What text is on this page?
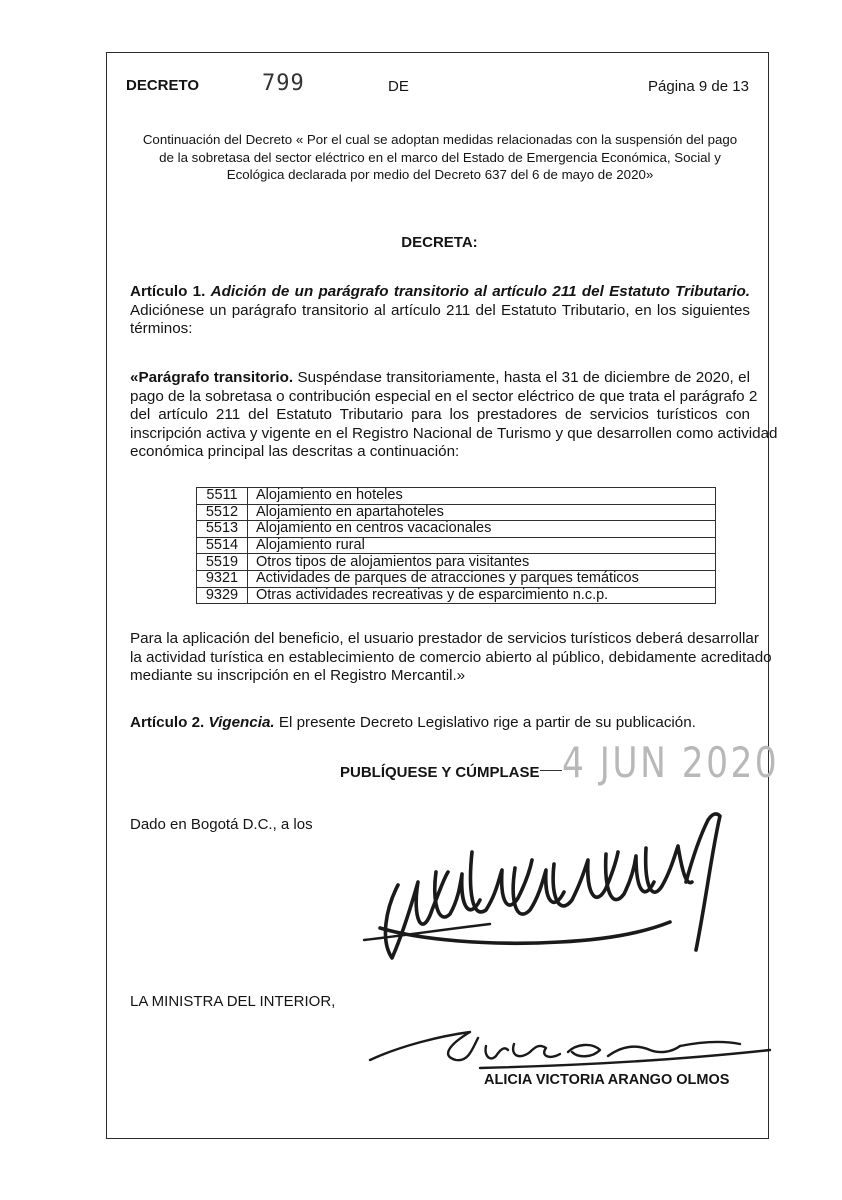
DECRETO	799	DE	Página 9 de 13
Continuación del Decreto « Por el cual se adoptan medidas relacionadas con la suspensión del pago
de la sobretasa del sector eléctrico en el marco del Estado de Emergencia Económica, Social y
Ecológica declarada por medio del Decreto 637 del 6 de mayo de 2020»
DECRETA:
Artículo 1. Adición de un parágrafo transitorio al artículo 211 del Estatuto Tributario.
Adiciónese un parágrafo transitorio al artículo 211 del Estatuto Tributario, en los siguientes
términos:
«Parágrafo transitorio. Suspéndase transitoriamente, hasta el 31 de diciembre de 2020, el
pago de la sobretasa o contribución especial en el sector eléctrico de que trata el parágrafo 2
del artículo 211 del Estatuto Tributario para los prestadores de servicios turísticos con
inscripción activa y vigente en el Registro Nacional de Turismo y que desarrollen como actividad
económica principal las descritas a continuación:
5511	Alojamiento en hoteles
5512	Alojamiento en apartahoteles
5513	Alojamiento en centros vacacionales
5514	Alojamiento rural
5519	Otros tipos de alojamientos para visitantes
9321	Actividades de parques de atracciones y parques temáticos
9329	Otras actividades recreativas y de esparcimiento n.c.p.
Para la aplicación del beneficio, el usuario prestador de servicios turísticos deberá desarrollar
la actividad turística en establecimiento de comercio abierto al público, debidamente acreditado
mediante su inscripción en el Registro Mercantil.»
Artículo 2. Vigencia. El presente Decreto Legislativo rige a partir de su publicación.
PUBLÍQUESE Y CÚMPLASE 4 JUN 2020
Dado en Bogotá D.C., a los
LA MINISTRA DEL INTERIOR,
ALICIA VICTORIA ARANGO OLMOS
